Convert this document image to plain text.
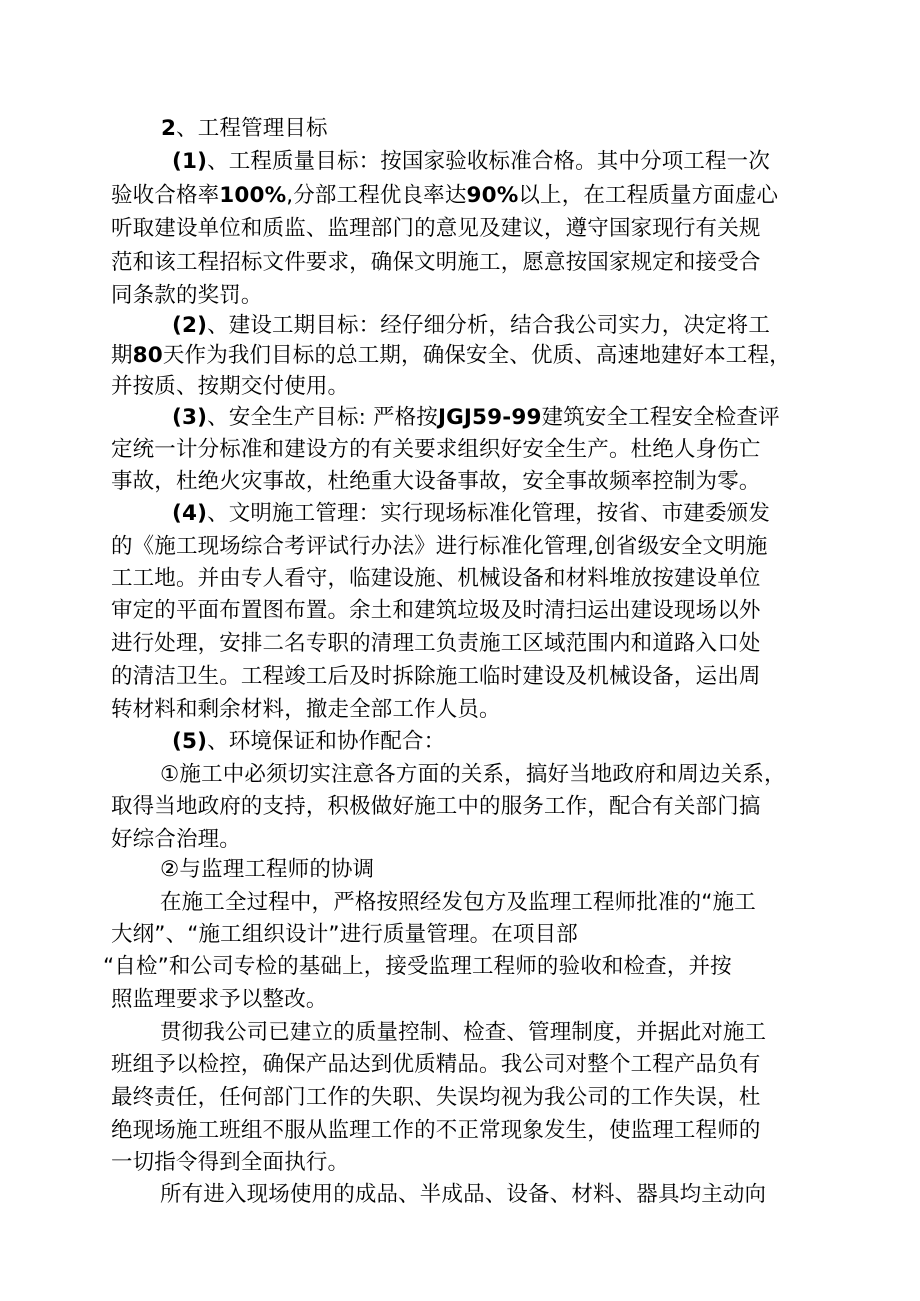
2、工程管理目标
(1)、工程质量目标：按国家验收标准合格。其中分项工程一次
验收合格率100%,分部工程优良率达90%以上，在工程质量方面虚心
听取建设单位和质监、监理部门的意见及建议，遵守国家现行有关规
范和该工程招标文件要求，确保文明施工，愿意按国家规定和接受合
同条款的奖罚。
(2)、建设工期目标：经仔细分析，结合我公司实力，决定将工
期80天作为我们目标的总工期，确保安全、优质、高速地建好本工程，
并按质、按期交付使用。
(3)、安全生产目标: 严格按JGJ59-99建筑安全工程安全检查评
定统一计分标准和建设方的有关要求组织好安全生产。杜绝人身伤亡
事故，杜绝火灾事故，杜绝重大设备事故，安全事故频率控制为零。
(4)、文明施工管理：实行现场标准化管理，按省、市建委颁发
的《施工现场综合考评试行办法》进行标准化管理,创省级安全文明施
工工地。并由专人看守，临建设施、机械设备和材料堆放按建设单位
审定的平面布置图布置。余土和建筑垃圾及时清扫运出建设现场以外
进行处理，安排二名专职的清理工负责施工区域范围内和道路入口处
的清洁卫生。工程竣工后及时拆除施工临时建设及机械设备，运出周
转材料和剩余材料，撤走全部工作人员。
(5)、环境保证和协作配合：
①施工中必须切实注意各方面的关系，搞好当地政府和周边关系，
取得当地政府的支持，积极做好施工中的服务工作，配合有关部门搞
好综合治理。
②与监理工程师的协调
在施工全过程中，严格按照经发包方及监理工程师批准的“施工
大纲”、“施工组织设计”进行质量管理。在项目部
“自检”和公司专检的基础上，接受监理工程师的验收和检查，并按
照监理要求予以整改。
贯彻我公司已建立的质量控制、检查、管理制度，并据此对施工
班组予以检控，确保产品达到优质精品。我公司对整个工程产品负有
最终责任，任何部门工作的失职、失误均视为我公司的工作失误，杜
绝现场施工班组不服从监理工作的不正常现象发生，使监理工程师的
一切指令得到全面执行。
所有进入现场使用的成品、半成品、设备、材料、器具均主动向
